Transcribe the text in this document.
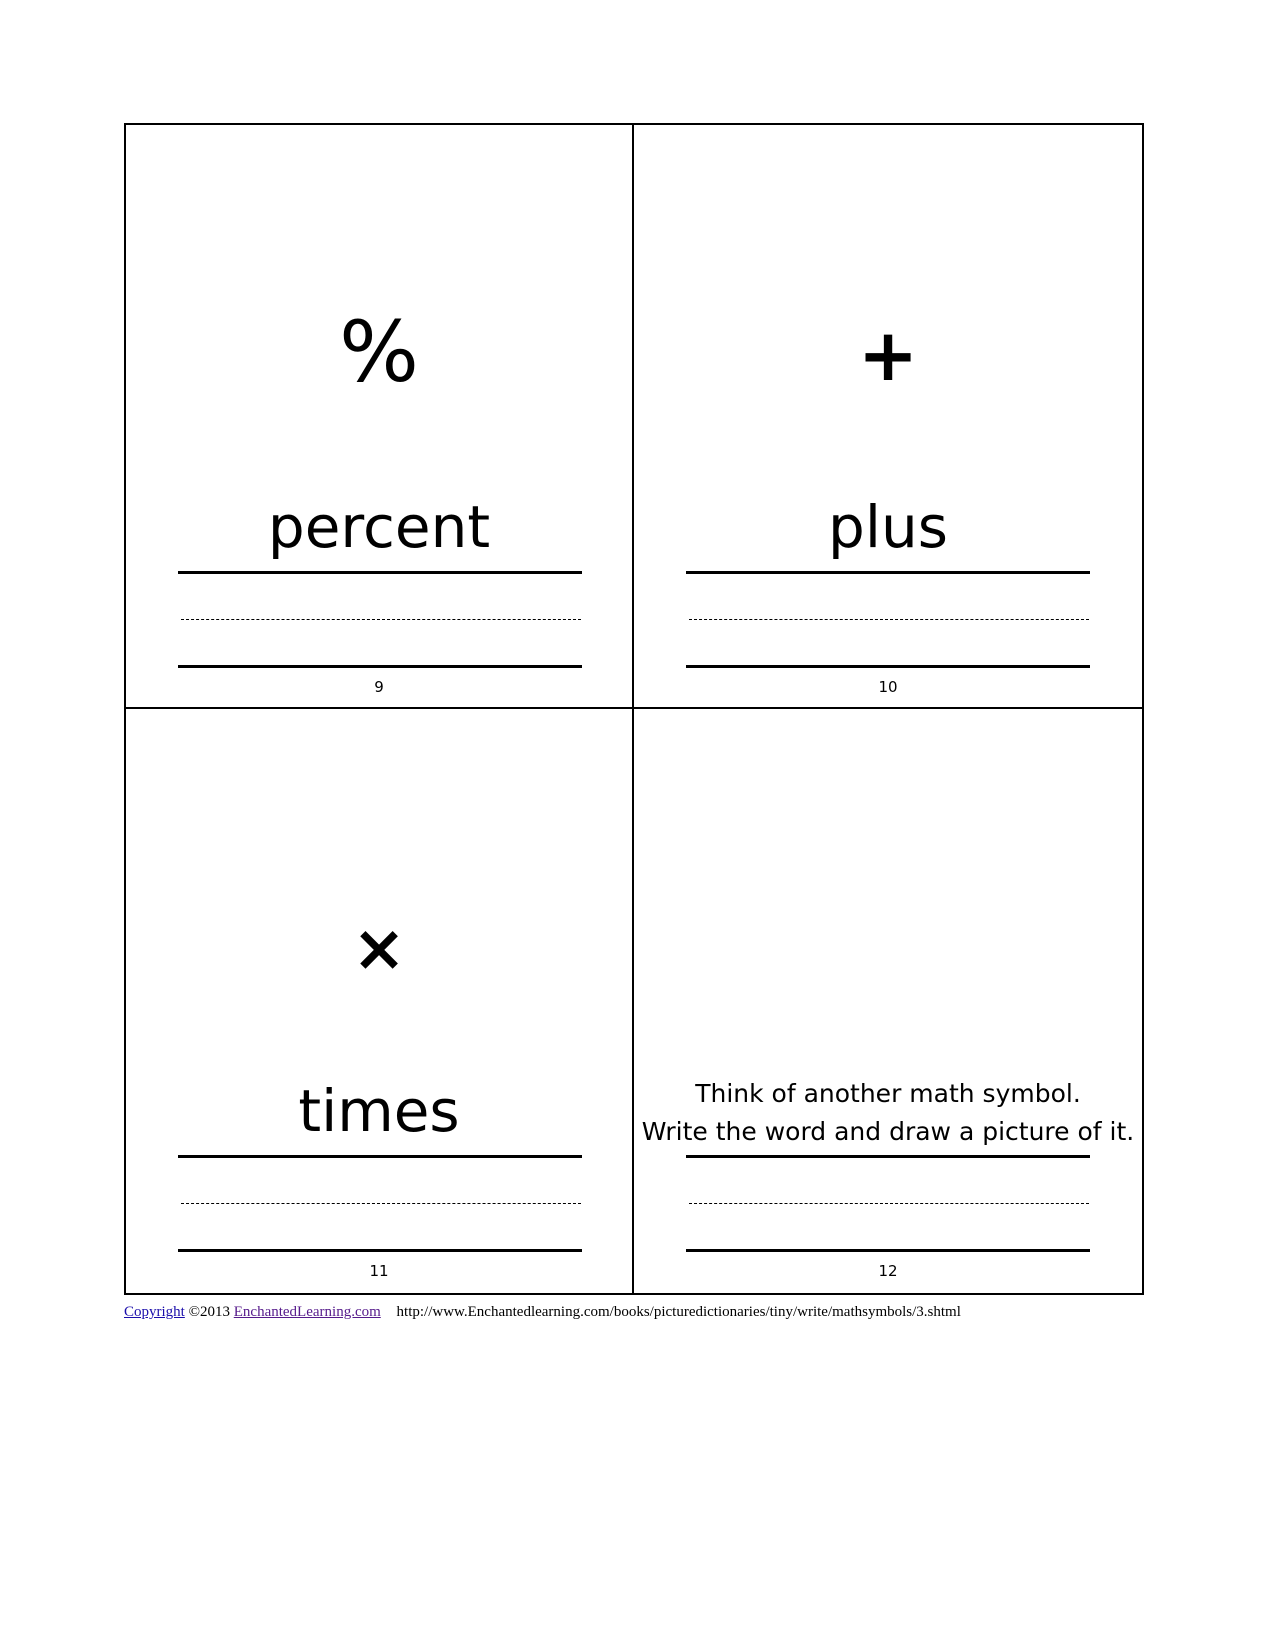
%
percent
9
+
plus
10
×
times
11
Think of another math symbol.
Write the word and draw a picture of it.
12
Copyright ©2013 EnchantedLearning.com http://www.Enchantedlearning.com/books/picturedictionaries/tiny/write/mathsymbols/3.shtml
